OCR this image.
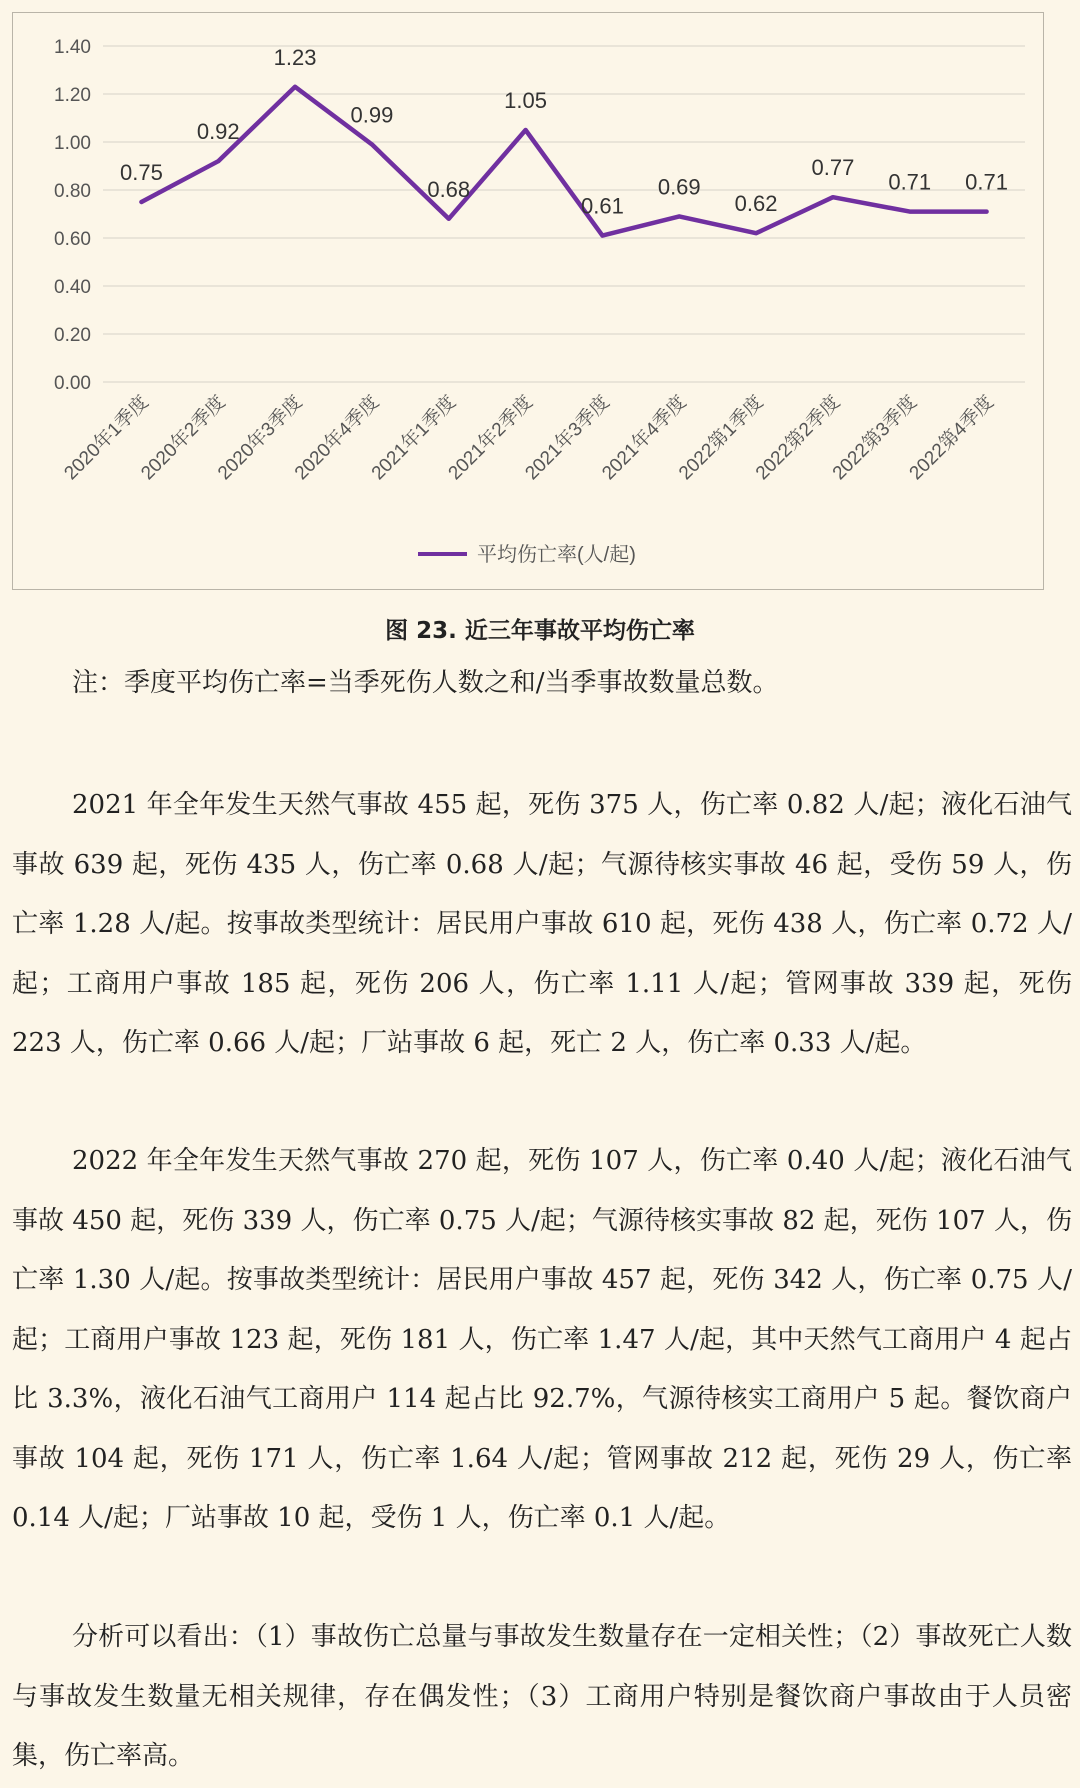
0.00
0.20
0.40
0.60
0.80
1.00
1.20
1.40
0.75
0.92
1.23
0.99
0.68
1.05
0.61
0.69
0.62
0.77
0.71 0.71
2020年1季度
2020年2季度
2020年3季度
2020年4季度
2021年1季度
2021年2季度
2021年3季度
2021年4季度
2022第1季度
2022第2季度
2022第3季度
2022第4季度
平均伤亡率(人/起)
图 23. 近三年事故平均伤亡率
注：季度平均伤亡率=当季死伤人数之和/当季事故数量总数。
2021 年全年发生天然气事故 455 起，死伤 375 人，伤亡率 0.82 人/起；液化石油气事故 639 起，死伤 435 人，伤亡率 0.68 人/起；气源待核实事故 46 起，受伤 59 人，伤亡率 1.28 人/起。按事故类型统计：居民用户事故 610 起，死伤 438 人，伤亡率 0.72 人/起；工商用户事故 185 起，死伤 206 人，伤亡率 1.11 人/起；管网事故 339 起，死伤 223 人，伤亡率 0.66 人/起；厂站事故 6 起，死亡 2 人，伤亡率 0.33 人/起。
2022 年全年发生天然气事故 270 起，死伤 107 人，伤亡率 0.40 人/起；液化石油气事故 450 起，死伤 339 人，伤亡率 0.75 人/起；气源待核实事故 82 起，死伤 107 人，伤亡率 1.30 人/起。按事故类型统计：居民用户事故 457 起，死伤 342 人，伤亡率 0.75 人/起；工商用户事故 123 起，死伤 181 人，伤亡率 1.47 人/起，其中天然气工商用户 4 起占比 3.3%，液化石油气工商用户 114 起占比 92.7%，气源待核实工商用户 5 起。餐饮商户事故 104 起，死伤 171 人，伤亡率 1.64 人/起；管网事故 212 起，死伤 29 人，伤亡率 0.14 人/起；厂站事故 10 起，受伤 1 人，伤亡率 0.1 人/起。
分析可以看出：（1）事故伤亡总量与事故发生数量存在一定相关性；（2）事故死亡人数与事故发生数量无相关规律，存在偶发性；（3）工商用户特别是餐饮商户事故由于人员密集，伤亡率高。
